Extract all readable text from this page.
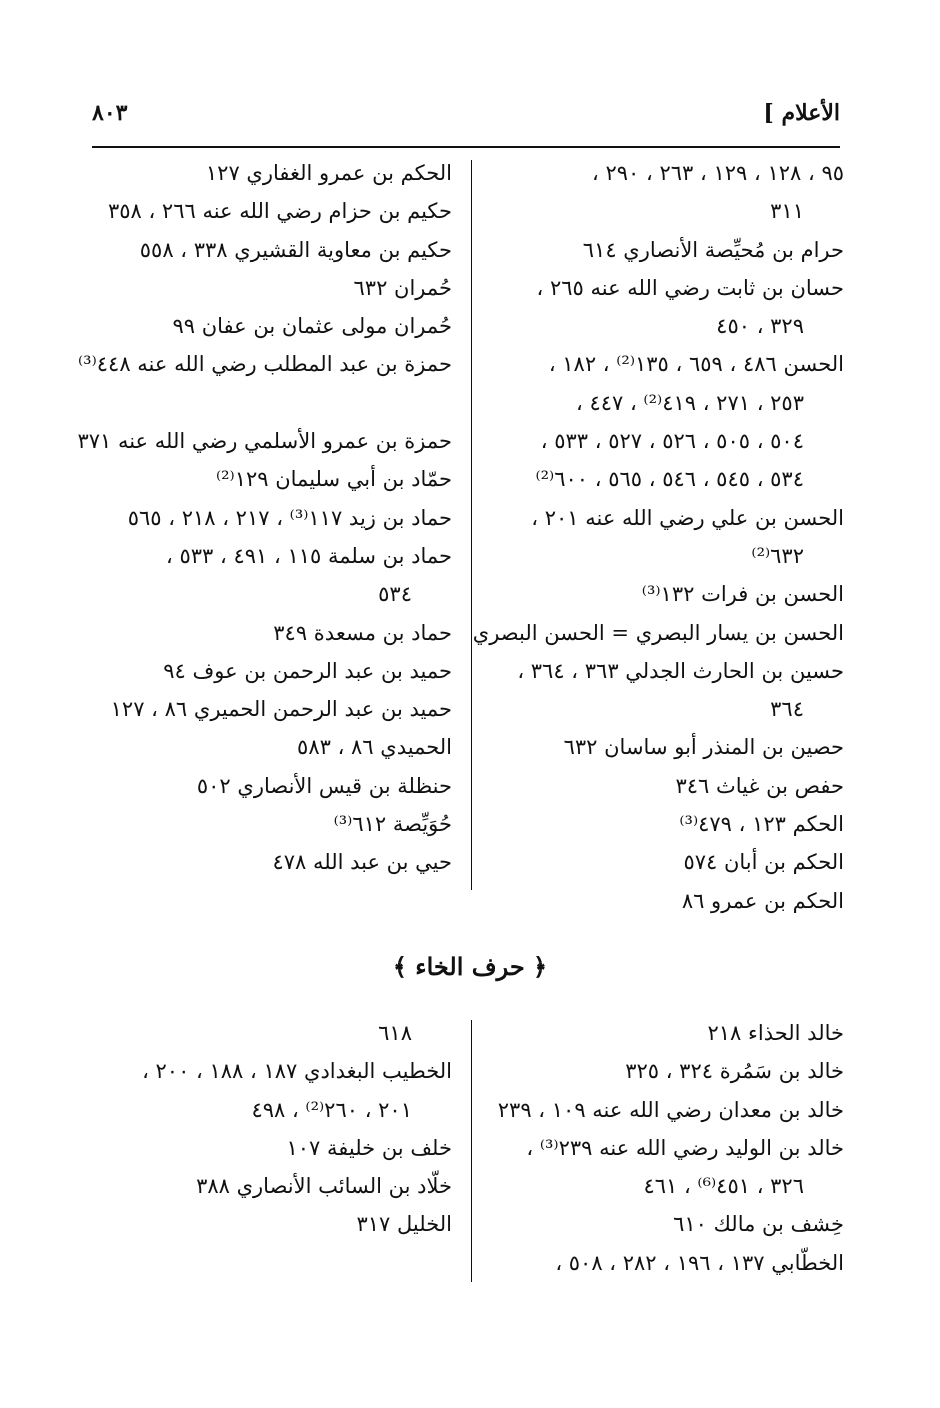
الأعلام ]
٨٠٣
٩٥ ، ١٢٨ ، ١٢٩ ، ٢٦٣ ، ٢٩٠ ،
٣١١
حرام بن مُحيِّصة الأنصاري ٦١٤
حسان بن ثابت رضي الله عنه ٢٦٥ ،
٣٢٩ ، ٤٥٠
الحسن ٤٨٦ ، ٦٥٩ ، ١٣٥⁽²⁾ ، ١٨٢ ،
٢٥٣ ، ٢٧١ ، ٤١٩⁽²⁾ ، ٤٤٧ ،
٥٠٤ ، ٥٠٥ ، ٥٢٦ ، ٥٢٧ ، ٥٣٣ ،
٥٣٤ ، ٥٤٥ ، ٥٤٦ ، ٥٦٥ ، ٦٠٠⁽²⁾
الحسن بن علي رضي الله عنه ٢٠١ ،
٦٣٢⁽²⁾
الحسن بن فرات ١٣٢⁽³⁾
الحسن بن يسار البصري = الحسن البصري
حسين بن الحارث الجدلي ٣٦٣ ، ٣٦٤ ،
٣٦٤
حصين بن المنذر أبو ساسان ٦٣٢
حفص بن غياث ٣٤٦
الحكم ١٢٣ ، ٤٧٩⁽³⁾
الحكم بن أبان ٥٧٤
الحكم بن عمرو ٨٦
الحكم بن عمرو الغفاري ١٢٧
حكيم بن حزام رضي الله عنه ٢٦٦ ، ٣٥٨
حكيم بن معاوية القشيري ٣٣٨ ، ٥٥٨
حُمران ٦٣٢
حُمران مولى عثمان بن عفان ٩٩
حمزة بن عبد المطلب رضي الله عنه ٤٤٨⁽³⁾
حمزة بن عمرو الأسلمي رضي الله عنه ٣٧١
حمّاد بن أبي سليمان ١٢٩⁽²⁾
حماد بن زيد ١١٧⁽³⁾ ، ٢١٧ ، ٢١٨ ، ٥٦٥
حماد بن سلمة ١١٥ ، ٤٩١ ، ٥٣٣ ،
٥٣٤
حماد بن مسعدة ٣٤٩
حميد بن عبد الرحمن بن عوف ٩٤
حميد بن عبد الرحمن الحميري ٨٦ ، ١٢٧
الحميدي ٨٦ ، ٥٨٣
حنظلة بن قيس الأنصاري ٥٠٢
حُوَيِّصة ٦١٢⁽³⁾
حيي بن عبد الله ٤٧٨
﴿ حرف الخاء ﴾
خالد الحذاء ٢١٨
خالد بن سَمُرة ٣٢٤ ، ٣٢٥
خالد بن معدان رضي الله عنه ١٠٩ ، ٢٣٩
خالد بن الوليد رضي الله عنه ٢٣٩⁽³⁾ ،
٣٢٦ ، ٤٥١⁽⁶⁾ ، ٤٦١
خِشف بن مالك ٦١٠
الخطّابي ١٣٧ ، ١٩٦ ، ٢٨٢ ، ٥٠٨ ،
٦١٨
الخطيب البغدادي ١٨٧ ، ١٨٨ ، ٢٠٠ ،
٢٠١ ، ٢٦٠⁽²⁾ ، ٤٩٨
خلف بن خليفة ١٠٧
خلّاد بن السائب الأنصاري ٣٨٨
الخليل ٣١٧
